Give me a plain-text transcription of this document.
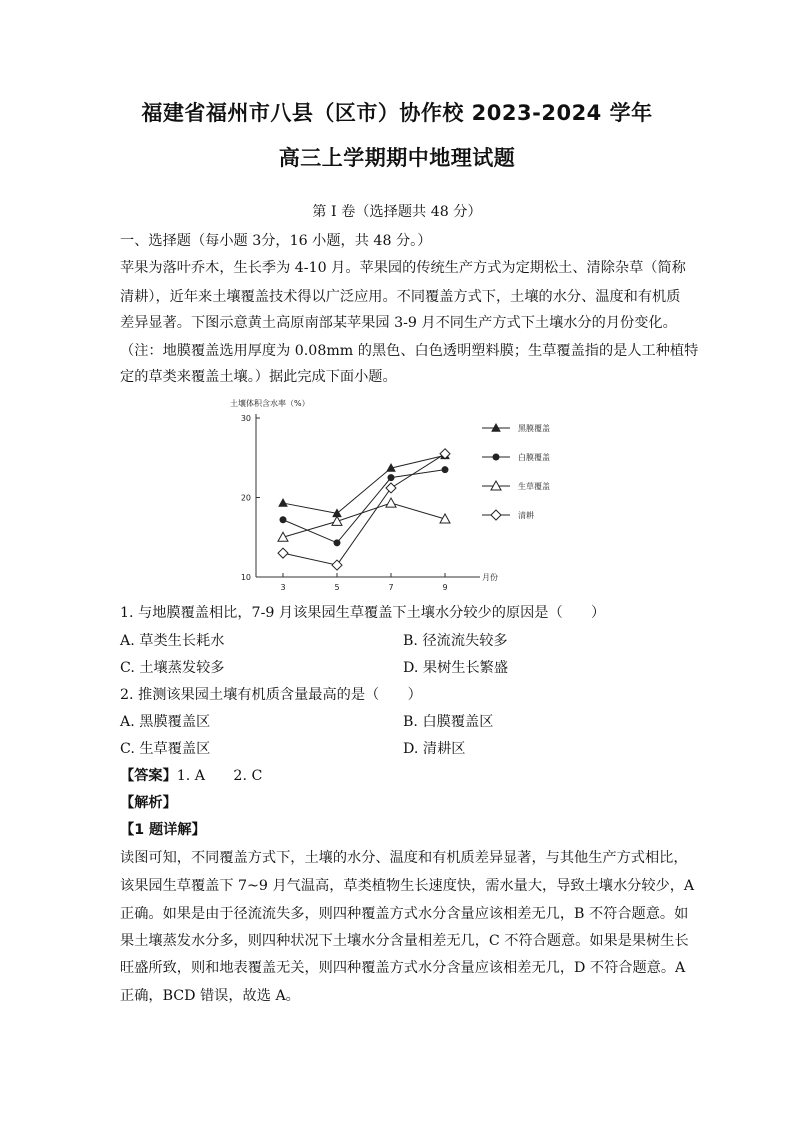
福建省福州市八县（区市）协作校 2023-2024 学年
高三上学期期中地理试题
第 I 卷（选择题共 48 分）
一、选择题（每小题 3分，16 小题，共 48 分。）
苹果为落叶乔木，生长季为 4-10 月。苹果园的传统生产方式为定期松土、清除杂草（简称
清耕），近年来土壤覆盖技术得以广泛应用。不同覆盖方式下，土壤的水分、温度和有机质
差异显著。下图示意黄土高原南部某苹果园 3-9 月不同生产方式下土壤水分的月份变化。
（注：地膜覆盖选用厚度为 0.08mm 的黑色、白色透明塑料膜；生草覆盖指的是人工种植特
定的草类来覆盖土壤。）据此完成下面小题。
10
20
30
3	5	7	9
土壤体积含水率（%）
月份
黑膜覆盖
白膜覆盖
生草覆盖
清耕
1. 与地膜覆盖相比，7-9 月该果园生草覆盖下土壤水分较少的原因是（　　）
A. 草类生长耗水	B. 径流流失较多
C. 土壤蒸发较多	D. 果树生长繁盛
2. 推测该果园土壤有机质含量最高的是（　　）
A. 黑膜覆盖区	B. 白膜覆盖区
C. 生草覆盖区	D. 清耕区
【答案】1. A　　2. C
【解析】
【1 题详解】
读图可知，不同覆盖方式下，土壤的水分、温度和有机质差异显著，与其他生产方式相比，
该果园生草覆盖下 7~9 月气温高，草类植物生长速度快，需水量大，导致土壤水分较少，A
正确。如果是由于径流流失多，则四种覆盖方式水分含量应该相差无几，B 不符合题意。如
果土壤蒸发水分多，则四种状况下土壤水分含量相差无几，C 不符合题意。如果是果树生长
旺盛所致，则和地表覆盖无关，则四种覆盖方式水分含量应该相差无几，D 不符合题意。A
正确，BCD 错误，故选 A。
